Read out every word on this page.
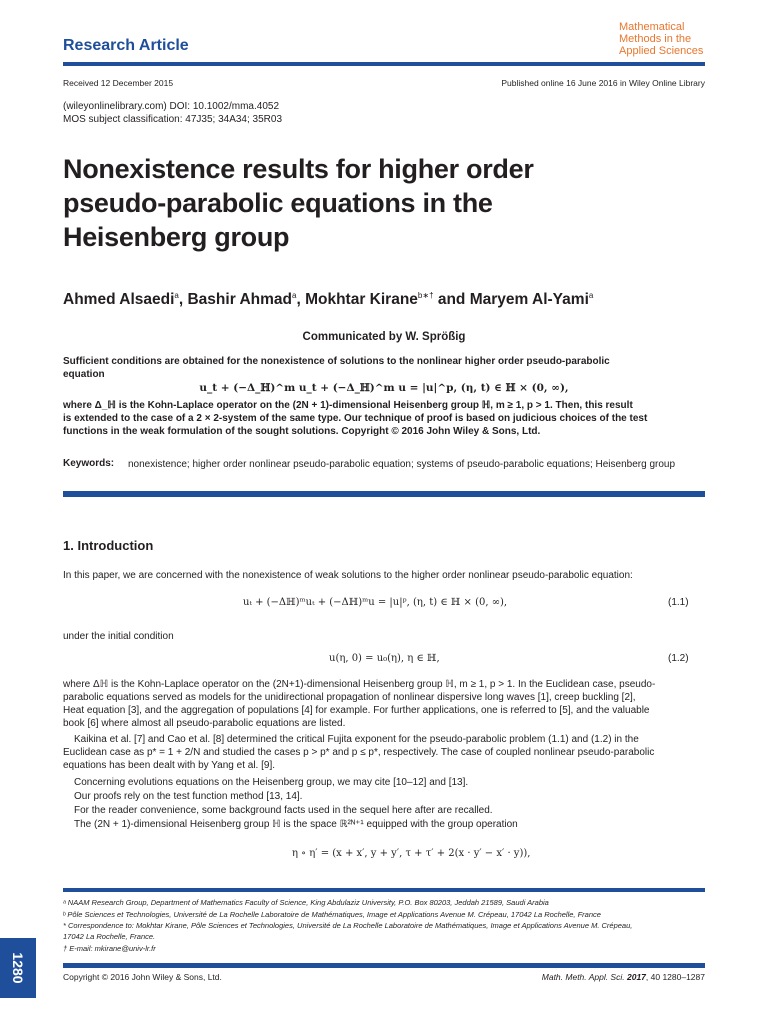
Research Article
Mathematical
Methods in the
Applied Sciences
Received 12 December 2015	Published online 16 June 2016 in Wiley Online Library
(wileyonlinelibrary.com) DOI: 10.1002/mma.4052
MOS subject classification: 47J35; 34A34; 35R03
Nonexistence results for higher order
pseudo-parabolic equations in the
Heisenberg group
Ahmed Alsaedi$^a$, Bashir Ahmad$^a$, Mokhtar Kirane$^{b∗\dagger}$ and Maryem Al-Yami$^a$
Communicated by W. Sprößig
Sufficient conditions are obtained for the nonexistence of solutions to the nonlinear higher order pseudo-parabolic
equation
u_t + (−Δ_ℍ)^m u_t + (−Δ_ℍ)^m u = |u|^p, (η, t) ∈ ℍ × (0, ∞),
where Δ_ℍ is the Kohn-Laplace operator on the (2N + 1)-dimensional Heisenberg group ℍ, m ≥ 1, p > 1. Then, this result
is extended to the case of a 2 × 2-system of the same type. Our technique of proof is based on judicious choices of the test
functions in the weak formulation of the sought solutions. Copyright © 2016 John Wiley & Sons, Ltd.
Keywords: nonexistence; higher order nonlinear pseudo-parabolic equation; systems of pseudo-parabolic equations; Heisenberg group
1. Introduction
In this paper, we are concerned with the nonexistence of weak solutions to the higher order nonlinear pseudo-parabolic equation:
uₜ + (−Δℍ)ᵐuₜ + (−Δℍ)ᵐu = |u|ᵖ, (η, t) ∈ ℍ × (0, ∞),	(1.1)
under the initial condition
u(η, 0) = u₀(η), η ∈ ℍ,	(1.2)
where Δℍ is the Kohn-Laplace operator on the (2N+1)-dimensional Heisenberg group ℍ, m ≥ 1, p > 1. In the Euclidean case, pseudo-
parabolic equations served as models for the unidirectional propagation of nonlinear dispersive long waves [1], creep buckling [2],
Heat equation [3], and the aggregation of populations [4] for example. For further applications, one is referred to [5], and the valuable
book [6] where almost all pseudo-parabolic equations are listed.
Kaikina et al. [7] and Cao et al. [8] determined the critical Fujita exponent for the pseudo-parabolic problem (1.1) and (1.2) in the
Euclidean case as p* = 1 + 2/N and studied the cases p > p* and p ≤ p*, respectively. The case of coupled nonlinear pseudo-parabolic
equations has been dealt with by Yang et al. [9].
Concerning evolutions equations on the Heisenberg group, we may cite [10–12] and [13].
Our proofs rely on the test function method [13, 14].
For the reader convenience, some background facts used in the sequel here after are recalled.
The (2N + 1)-dimensional Heisenberg group ℍ is the space ℝ²ᴺ⁺¹ equipped with the group operation
η ∘ η′ = (x + x′, y + y′, τ + τ′ + 2(x · y′ − x′ · y)),
ᵃ NAAM Research Group, Department of Mathematics Faculty of Science, King Abdulaziz University, P.O. Box 80203, Jeddah 21589, Saudi Arabia
ᵇ Pôle Sciences et Technologies, Université de La Rochelle Laboratoire de Mathématiques, Image et Applications Avenue M. Crépeau, 17042 La Rochelle, France
* Correspondence to: Mokhtar Kirane, Pôle Sciences et Technologies, Université de La Rochelle Laboratoire de Mathématiques, Image et Applications Avenue M. Crépeau,
17042 La Rochelle, France.
† E-mail: mkirane@univ-lr.fr
Copyright © 2016 John Wiley & Sons, Ltd.	Math. Meth. Appl. Sci. 2017, 40 1280–1287
1280
